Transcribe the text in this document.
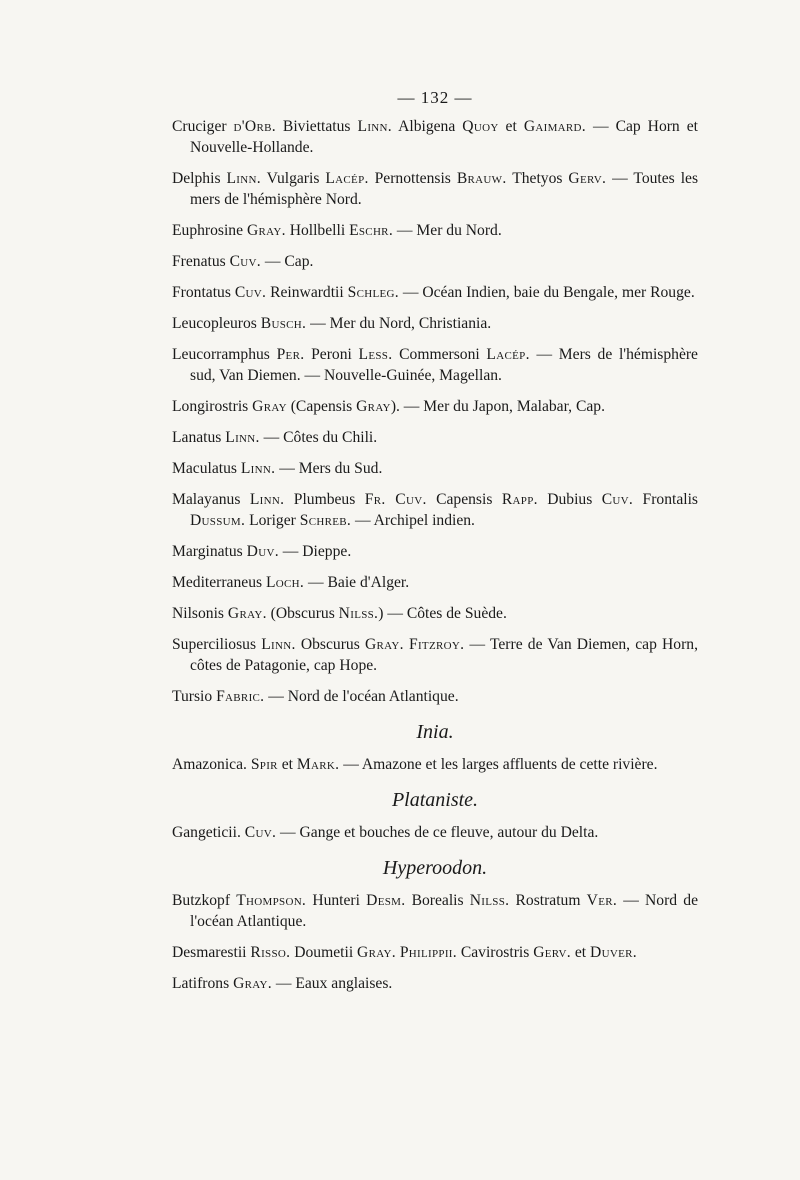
— 132 —
Cruciger d'Orb. Biviettatus Linn. Albigena Quoy et Gaimard. — Cap Horn et Nouvelle-Hollande.
Delphis Linn. Vulgaris Lacép. Pernottensis Brauw. Thetyos Gerv. — Toutes les mers de l'hémisphère Nord.
Euphrosine Gray. Hollbelli Eschr. — Mer du Nord.
Frenatus Cuv. — Cap.
Frontatus Cuv. Reinwardtii Schleg. — Océan Indien, baie du Bengale, mer Rouge.
Leucopleuros Busch. — Mer du Nord, Christiania.
Leucorramphus Per. Peroni Less. Commersoni Lacép. — Mers de l'hémisphère sud, Van Diemen. — Nouvelle-Guinée, Magellan.
Longirostris Gray (Capensis Gray). — Mer du Japon, Malabar, Cap.
Lanatus Linn. — Côtes du Chili.
Maculatus Linn. — Mers du Sud.
Malayanus Linn. Plumbeus Fr. Cuv. Capensis Rapp. Dubius Cuv. Frontalis Dussum. Loriger Schreb. — Archipel indien.
Marginatus Duv. — Dieppe.
Mediterraneus Loch. — Baie d'Alger.
Nilsonis Gray. (Obscurus Nilss.) — Côtes de Suède.
Superciliosus Linn. Obscurus Gray. Fitzroy. — Terre de Van Diemen, cap Horn, côtes de Patagonie, cap Hope.
Tursio Fabric. — Nord de l'océan Atlantique.
Inia.
Amazonica. Spir et Mark. — Amazone et les larges affluents de cette rivière.
Plataniste.
Gangeticii. Cuv. — Gange et bouches de ce fleuve, autour du Delta.
Hyperoodon.
Butzkopf Thompson. Hunteri Desm. Borealis Nilss. Rostratum Ver. — Nord de l'océan Atlantique.
Desmarestii Risso. Doumetii Gray. Philippii. Cavirostris Gerv. et Duver.
Latifrons Gray. — Eaux anglaises.
